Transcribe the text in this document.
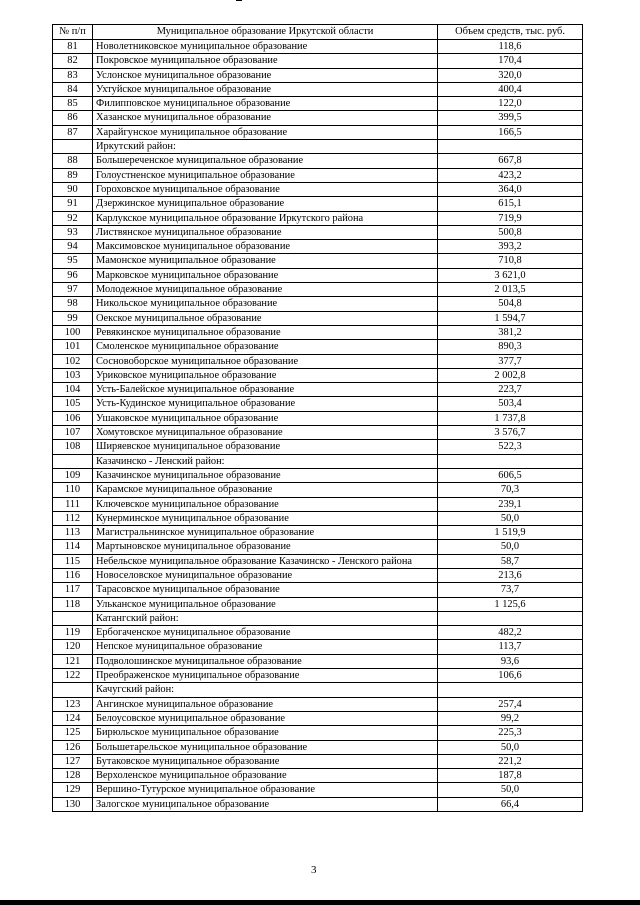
№ п/п	Муниципальное образование Иркутской области	Объем средств, тыс. руб.
81	Новолетниковское муниципальное образование	118,6
82	Покровское муниципальное образование	170,4
83	Услонское муниципальное образование	320,0
84	Ухтуйское муниципальное образование	400,4
85	Филипповское муниципальное образование	122,0
86	Хазанское муниципальное образование	399,5
87	Харайгунское муниципальное образование	166,5
	Иркутский район:	
88	Большереченское муниципальное образование	667,8
89	Голоустненское муниципальное образование	423,2
90	Гороховское муниципальное образование	364,0
91	Дзержинское муниципальное образование	615,1
92	Карлукское муниципальное образование Иркутского района	719,9
93	Листвянское муниципальное образование	500,8
94	Максимовское муниципальное образование	393,2
95	Мамонское муниципальное образование	710,8
96	Марковское муниципальное образование	3 621,0
97	Молодежное муниципальное образование	2 013,5
98	Никольское муниципальное образование	504,8
99	Оекское муниципальное образование	1 594,7
100	Ревякинское муниципальное образование	381,2
101	Смоленское муниципальное образование	890,3
102	Сосновоборское муниципальное образование	377,7
103	Уриковское муниципальное образование	2 002,8
104	Усть-Балейское муниципальное образование	223,7
105	Усть-Кудинское муниципальное образование	503,4
106	Ушаковское муниципальное образование	1 737,8
107	Хомутовское муниципальное образование	3 576,7
108	Ширяевское муниципальное образование	522,3
	Казачинско - Ленский район:	
109	Казачинское муниципальное образование	606,5
110	Карамское муниципальное образование	70,3
111	Ключевское муниципальное образование	239,1
112	Кунерминское муниципальное образование	50,0
113	Магистральнинское муниципальное образование	1 519,9
114	Мартыновское муниципальное образование	50,0
115	Небельское муниципальное образование Казачинско - Ленского района	58,7
116	Новоселовское муниципальное образование	213,6
117	Тарасовское муниципальное образование	73,7
118	Ульканское муниципальное образование	1 125,6
	Катангский район:	
119	Ербогаченское муниципальное образование	482,2
120	Непское муниципальное образование	113,7
121	Подволошинское муниципальное образование	93,6
122	Преображенское муниципальное образование	106,6
	Качугский район:	
123	Ангинское муниципальное образование	257,4
124	Белоусовское муниципальное образование	99,2
125	Бирюльское муниципальное образование	225,3
126	Большетарельское муниципальное образование	50,0
127	Бутаковское муниципальное образование	221,2
128	Верхоленское муниципальное образование	187,8
129	Вершино-Тутурское муниципальное образование	50,0
130	Залогское муниципальное образование	66,4
3
